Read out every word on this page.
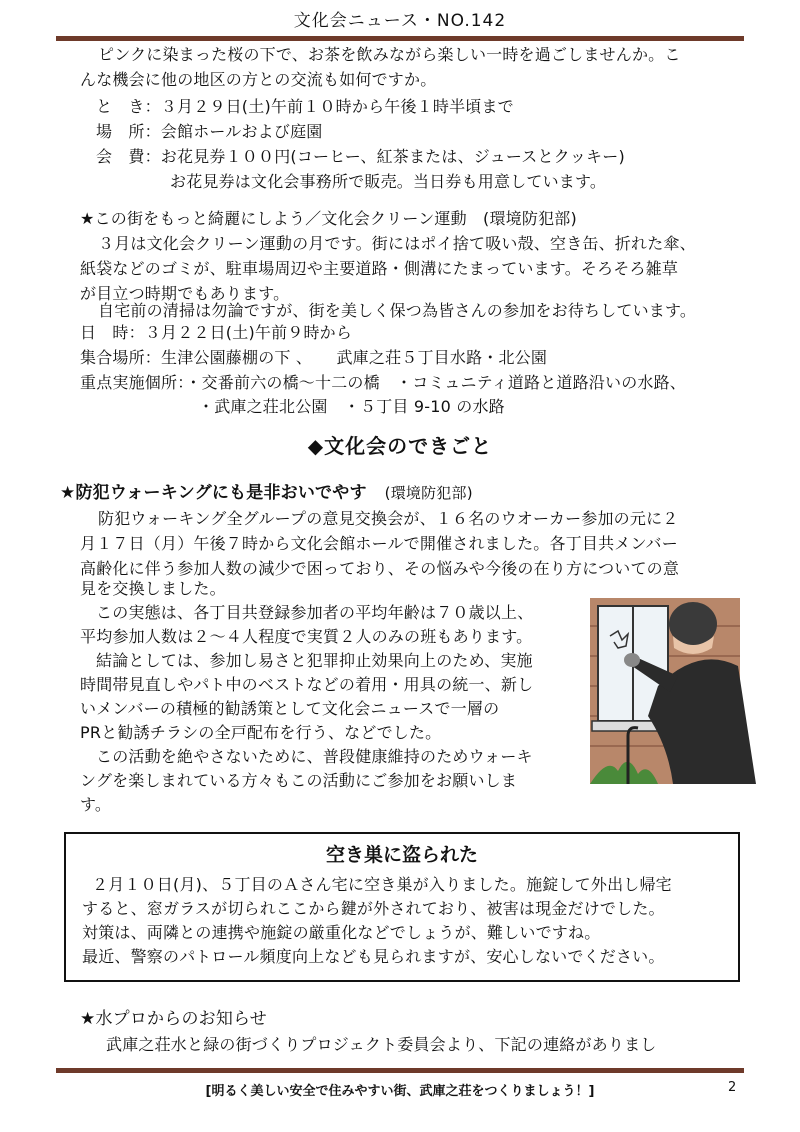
文化会ニュース・NO.142
ピンクに染まった桜の下で、お茶を飲みながら楽しい一時を過ごしませんか。こ
んな機会に他の地区の方との交流も如何ですか。
と　き：３月２９日(土)午前１０時から午後１時半頃まで
場　所：会館ホールおよび庭園
会　費：お花見券１００円(コーヒー、紅茶または、ジュースとクッキー)
お花見券は文化会事務所で販売。当日券も用意しています。
★この街をもっと綺麗にしよう／文化会クリーン運動　(環境防犯部)
３月は文化会クリーン運動の月です。街にはポイ捨て吸い殻、空き缶、折れた傘、
紙袋などのゴミが、駐車場周辺や主要道路・側溝にたまっています。そろそろ雑草
が目立つ時期でもあります。
自宅前の清掃は勿論ですが、街を美しく保つ為皆さんの参加をお待ちしています。
日　時：３月２２日(土)午前９時から
集合場所：生津公園藤棚の下 、　　武庫之荘５丁目水路・北公園
重点実施個所：・交番前六の橋～十二の橋　・コミュニティ道路と道路沿いの水路、
・武庫之荘北公園　・５丁目 9-10 の水路
◆文化会のできごと
★防犯ウォーキングにも是非おいでやす (環境防犯部)
防犯ウォーキング全グループの意見交換会が、１６名のウオーカー参加の元に２
月１７日（月）午後７時から文化会館ホールで開催されました。各丁目共メンバー
高齢化に伴う参加人数の減少で困っており、その悩みや今後の在り方についての意
見を交換しました。
この実態は、各丁目共登録参加者の平均年齢は７０歳以上、
平均参加人数は２～４人程度で実質２人のみの班もあります。
結論としては、参加し易さと犯罪抑止効果向上のため、実施
時間帯見直しやパト中のベストなどの着用・用具の統一、新し
いメンバーの積極的勧誘策として文化会ニュースで一層の
PRと勧誘チラシの全戸配布を行う、などでした。
この活動を絶やさないために、普段健康維持のためウォーキ
ングを楽しまれている方々もこの活動にご参加をお願いしま
す。
空き巣に盗られた
２月１０日(月)、５丁目のＡさん宅に空き巣が入りました。施錠して外出し帰宅
すると、窓ガラスが切られここから鍵が外されており、被害は現金だけでした。
対策は、両隣との連携や施錠の厳重化などでしょうが、難しいですね。
最近、警察のパトロール頻度向上なども見られますが、安心しないでください。
★水プロからのお知らせ
武庫之荘水と緑の街づくりプロジェクト委員会より、下記の連絡がありまし
[明るく美しい安全で住みやすい街、武庫之荘をつくりましょう！]	2
